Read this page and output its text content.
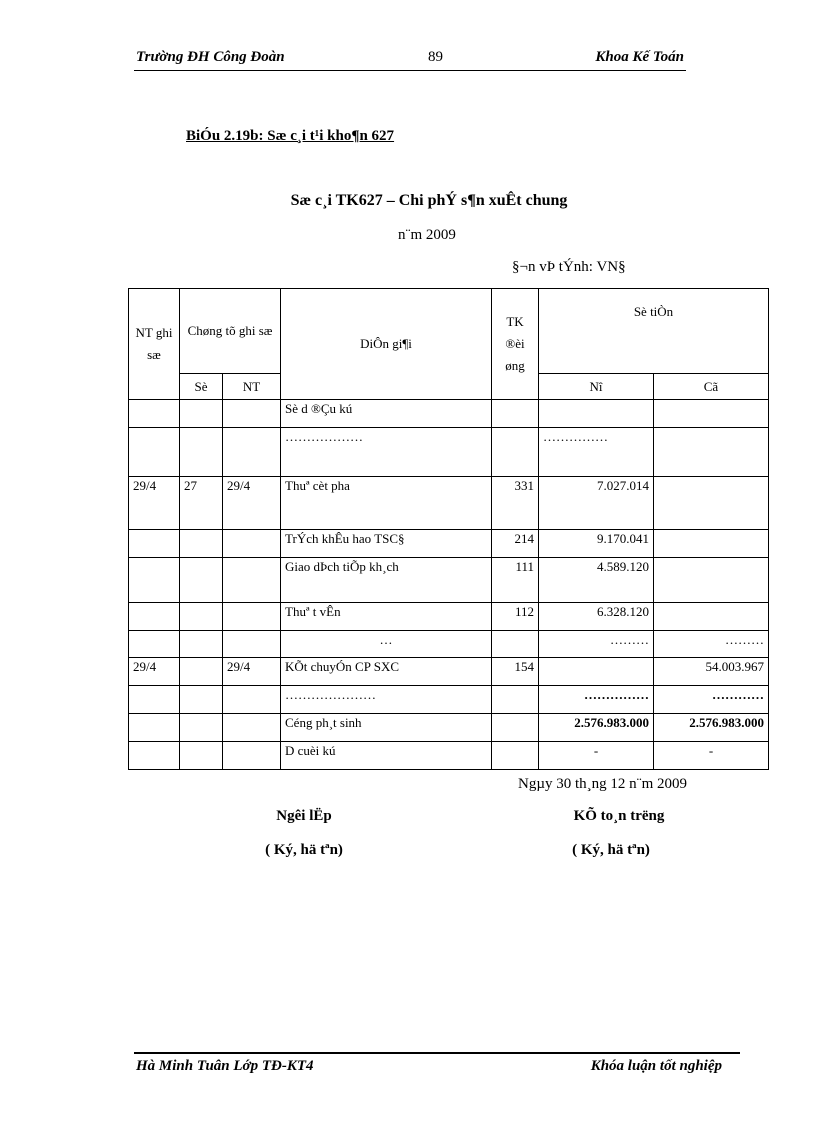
Trường ĐH Công Đoàn	89	Khoa Kế Toán
BiÓu 2.19b: Sæ c¸i t¹i kho¶n 627
Sæ c¸i TK627 – Chi phÝ s¶n xuÊt chung
n¨m 2009
§¬n vÞ tÝnh: VN§
NT ghi sæ	Chøng tõ ghi sæ		DiÔn gi¶i	TK ®èi øng	Sè tiÒn	
	Sè	NT			Nî	Cã
			Sè d ®Çu kú			
			………………		……………	
29/4	27	29/4	Thuª cèt pha	331	7.027.014	
			TrÝch khÊu hao TSC§	214	9.170.041	
			Giao dÞch tiÕp kh¸ch	111	4.589.120	
			Thuª t vÊn	112	6.328.120	
			…		………	………
29/4		29/4	KÕt chuyÓn CP SXC	154		54.003.967
			…………………		……………	…………
			Céng ph¸t sinh		2.576.983.000	2.576.983.000
			D cuèi kú		-	-
Ngµy 30 th¸ng 12 n¨m 2009
Ngêi lËp
( Ký, hä tªn)
KÕ to¸n trëng
( Ký, hä tªn)
Hà Minh Tuân Lớp TĐ-KT4	Khóa luận tốt nghiệp
